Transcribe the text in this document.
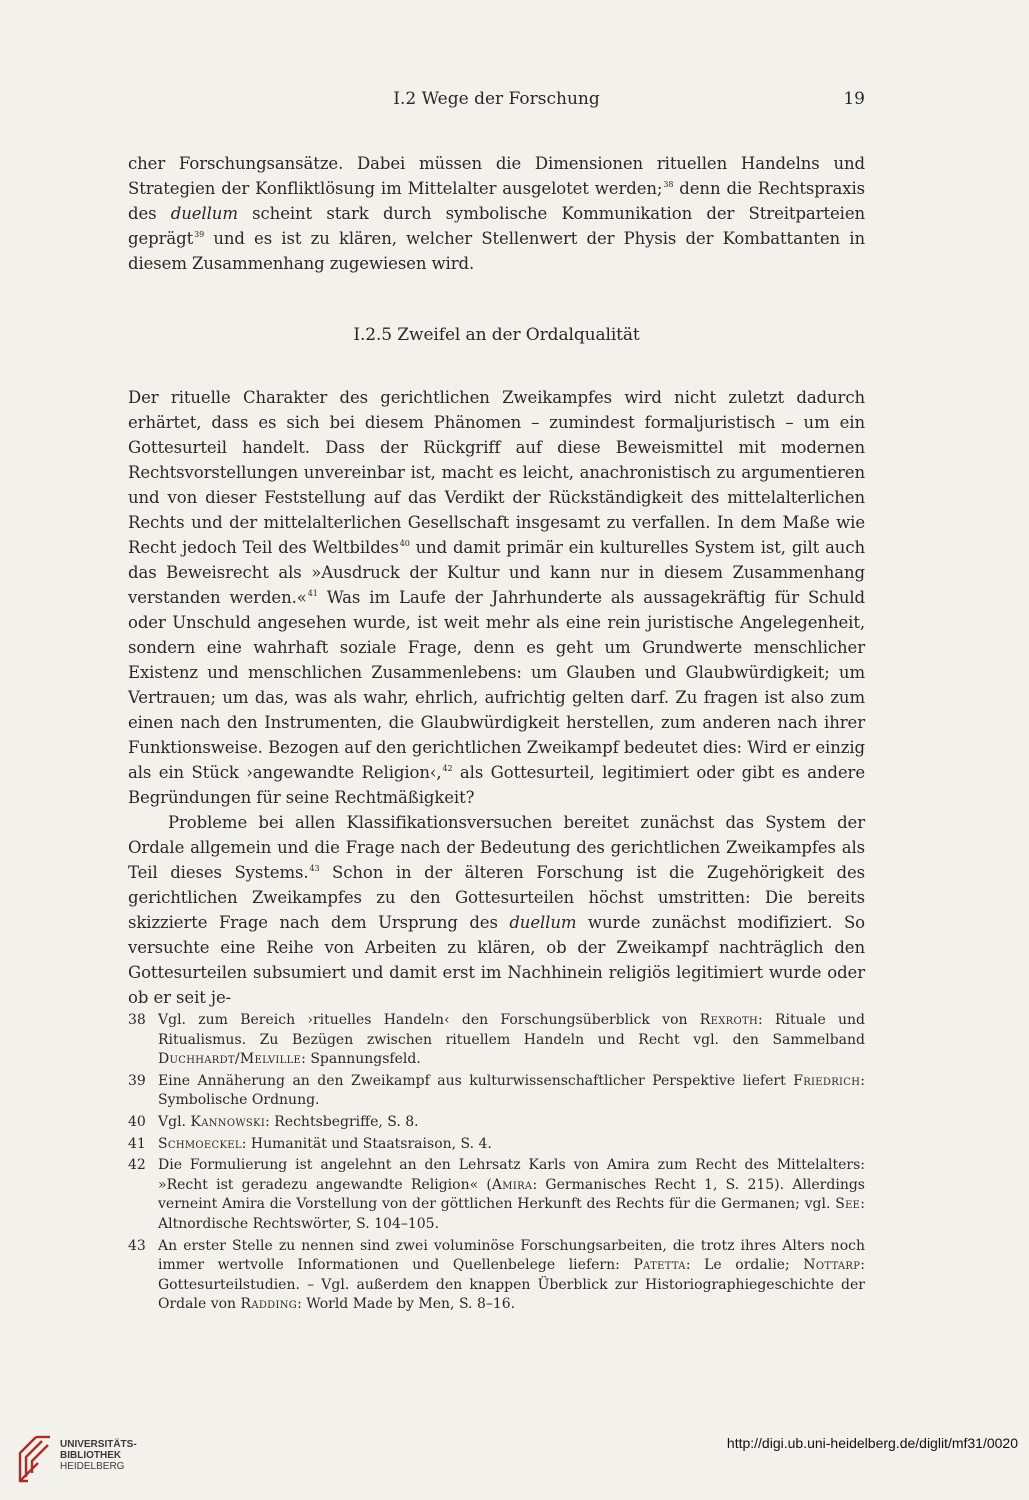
I.2 Wege der Forschung	19

cher Forschungsansätze. Dabei müssen die Dimensionen rituellen Handelns und Strategien der Konfliktlösung im Mittelalter ausgelotet werden;$^{38}$ denn die Rechtspraxis des duellum scheint stark durch symbolische Kommunikation der Streitparteien geprägt$^{39}$ und es ist zu klären, welcher Stellenwert der Physis der Kombattanten in diesem Zusammenhang zugewiesen wird.

I.2.5 Zweifel an der Ordalqualität

Der rituelle Charakter des gerichtlichen Zweikampfes wird nicht zuletzt dadurch erhärtet, dass es sich bei diesem Phänomen – zumindest formaljuristisch – um ein Gottesurteil handelt. Dass der Rückgriff auf diese Beweismittel mit modernen Rechtsvorstellungen unvereinbar ist, macht es leicht, anachronistisch zu argumentieren und von dieser Feststellung auf das Verdikt der Rückständigkeit des mittelalterlichen Rechts und der mittelalterlichen Gesellschaft insgesamt zu verfallen. In dem Maße wie Recht jedoch Teil des Weltbildes$^{40}$ und damit primär ein kulturelles System ist, gilt auch das Beweisrecht als »Ausdruck der Kultur und kann nur in diesem Zusammenhang verstanden werden.«$^{41}$ Was im Laufe der Jahrhunderte als aussagekräftig für Schuld oder Unschuld angesehen wurde, ist weit mehr als eine rein juristische Angelegenheit, sondern eine wahrhaft soziale Frage, denn es geht um Grundwerte menschlicher Existenz und menschlichen Zusammenlebens: um Glauben und Glaubwürdigkeit; um Vertrauen; um das, was als wahr, ehrlich, aufrichtig gelten darf. Zu fragen ist also zum einen nach den Instrumenten, die Glaubwürdigkeit herstellen, zum anderen nach ihrer Funktionsweise. Bezogen auf den gerichtlichen Zweikampf bedeutet dies: Wird er einzig als ein Stück ›angewandte Religion‹,$^{42}$ als Gottesurteil, legitimiert oder gibt es andere Begründungen für seine Rechtmäßigkeit?

Probleme bei allen Klassifikationsversuchen bereitet zunächst das System der Ordale allgemein und die Frage nach der Bedeutung des gerichtlichen Zweikampfes als Teil dieses Systems.$^{43}$ Schon in der älteren Forschung ist die Zugehörigkeit des gerichtlichen Zweikampfes zu den Gottesurteilen höchst umstritten: Die bereits skizzierte Frage nach dem Ursprung des duellum wurde zunächst modifiziert. So versuchte eine Reihe von Arbeiten zu klären, ob der Zweikampf nachträglich den Gottesurteilen subsumiert und damit erst im Nachhinein religiös legitimiert wurde oder ob er seit je-

38 Vgl. zum Bereich ›rituelles Handeln‹ den Forschungsüberblick von Rexroth: Rituale und Ritualismus. Zu Bezügen zwischen rituellem Handeln und Recht vgl. den Sammelband Duchhardt/Melville: Spannungsfeld.
39 Eine Annäherung an den Zweikampf aus kulturwissenschaftlicher Perspektive liefert Friedrich: Symbolische Ordnung.
40 Vgl. Kannowski: Rechtsbegriffe, S. 8.
41 Schmoeckel: Humanität und Staatsraison, S. 4.
42 Die Formulierung ist angelehnt an den Lehrsatz Karls von Amira zum Recht des Mittelalters: »Recht ist geradezu angewandte Religion« (Amira: Germanisches Recht 1, S. 215). Allerdings verneint Amira die Vorstellung von der göttlichen Herkunft des Rechts für die Germanen; vgl. See: Altnordische Rechtswörter, S. 104–105.
43 An erster Stelle zu nennen sind zwei voluminöse Forschungsarbeiten, die trotz ihres Alters noch immer wertvolle Informationen und Quellenbelege liefern: Patetta: Le ordalie; Nottarp: Gottesurteilstudien. – Vgl. außerdem den knappen Überblick zur Historiographiegeschichte der Ordale von Radding: World Made by Men, S. 8–16.
UNIVERSITÄTS-
BIBLIOTHEK
HEIDELBERG
http://digi.ub.uni-heidelberg.de/diglit/mf31/0020
